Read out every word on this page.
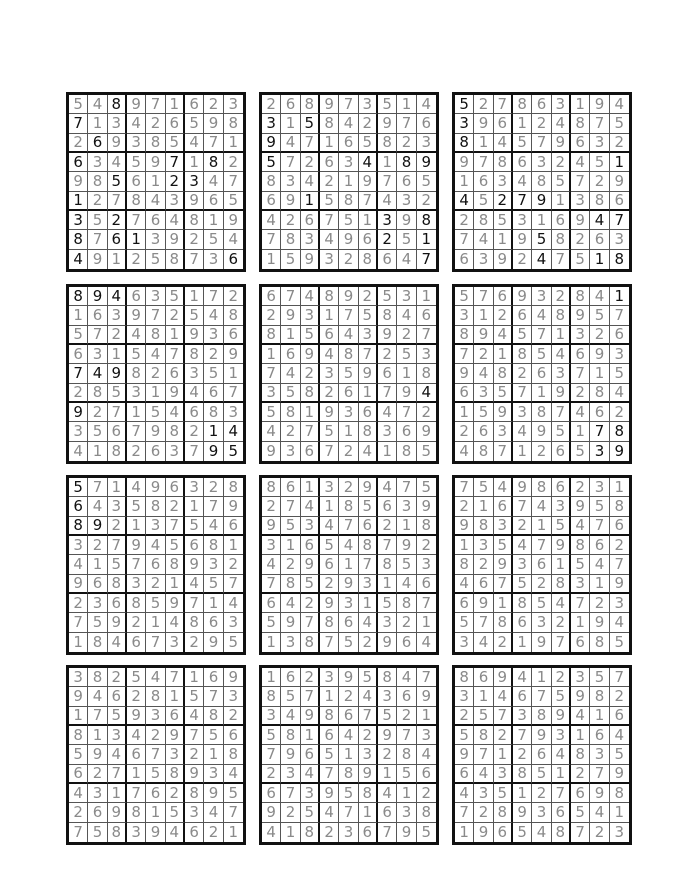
5 4 8 9 7 1 6 2 3
7 1 3 4 2 6 5 9 8
2 6 9 3 8 5 4 7 1
6 3 4 5 9 7 1 8 2
9 8 5 6 1 2 3 4 7
1 2 7 8 4 3 9 6 5
3 5 2 7 6 4 8 1 9
8 7 6 1 3 9 2 5 4
4 9 1 2 5 8 7 3 6
2 6 8 9 7 3 5 1 4
3 1 5 8 4 2 9 7 6
9 4 7 1 6 5 8 2 3
5 7 2 6 3 4 1 8 9
8 3 4 2 1 9 7 6 5
6 9 1 5 8 7 4 3 2
4 2 6 7 5 1 3 9 8
7 8 3 4 9 6 2 5 1
1 5 9 3 2 8 6 4 7
5 2 7 8 6 3 1 9 4
3 9 6 1 2 4 8 7 5
8 1 4 5 7 9 6 3 2
9 7 8 6 3 2 4 5 1
1 6 3 4 8 5 7 2 9
4 5 2 7 9 1 3 8 6
2 8 5 3 1 6 9 4 7
7 4 1 9 5 8 2 6 3
6 3 9 2 4 7 5 1 8
8 9 4 6 3 5 1 7 2
1 6 3 9 7 2 5 4 8
5 7 2 4 8 1 9 3 6
6 3 1 5 4 7 8 2 9
7 4 9 8 2 6 3 5 1
2 8 5 3 1 9 4 6 7
9 2 7 1 5 4 6 8 3
3 5 6 7 9 8 2 1 4
4 1 8 2 6 3 7 9 5
6 7 4 8 9 2 5 3 1
2 9 3 1 7 5 8 4 6
8 1 5 6 4 3 9 2 7
1 6 9 4 8 7 2 5 3
7 4 2 3 5 9 6 1 8
3 5 8 2 6 1 7 9 4
5 8 1 9 3 6 4 7 2
4 2 7 5 1 8 3 6 9
9 3 6 7 2 4 1 8 5
5 7 6 9 3 2 8 4 1
3 1 2 6 4 8 9 5 7
8 9 4 5 7 1 3 2 6
7 2 1 8 5 4 6 9 3
9 4 8 2 6 3 7 1 5
6 3 5 7 1 9 2 8 4
1 5 9 3 8 7 4 6 2
2 6 3 4 9 5 1 7 8
4 8 7 1 2 6 5 3 9
5 7 1 4 9 6 3 2 8
6 4 3 5 8 2 1 7 9
8 9 2 1 3 7 5 4 6
3 2 7 9 4 5 6 8 1
4 1 5 7 6 8 9 3 2
9 6 8 3 2 1 4 5 7
2 3 6 8 5 9 7 1 4
7 5 9 2 1 4 8 6 3
1 8 4 6 7 3 2 9 5
8 6 1 3 2 9 4 7 5
2 7 4 1 8 5 6 3 9
9 5 3 4 7 6 2 1 8
3 1 6 5 4 8 7 9 2
4 2 9 6 1 7 8 5 3
7 8 5 2 9 3 1 4 6
6 4 2 9 3 1 5 8 7
5 9 7 8 6 4 3 2 1
1 3 8 7 5 2 9 6 4
7 5 4 9 8 6 2 3 1
2 1 6 7 4 3 9 5 8
9 8 3 2 1 5 4 7 6
1 3 5 4 7 9 8 6 2
8 2 9 3 6 1 5 4 7
4 6 7 5 2 8 3 1 9
6 9 1 8 5 4 7 2 3
5 7 8 6 3 2 1 9 4
3 4 2 1 9 7 6 8 5
3 8 2 5 4 7 1 6 9
9 4 6 2 8 1 5 7 3
1 7 5 9 3 6 4 8 2
8 1 3 4 2 9 7 5 6
5 9 4 6 7 3 2 1 8
6 2 7 1 5 8 9 3 4
4 3 1 7 6 2 8 9 5
2 6 9 8 1 5 3 4 7
7 5 8 3 9 4 6 2 1
1 6 2 3 9 5 8 4 7
8 5 7 1 2 4 3 6 9
3 4 9 8 6 7 5 2 1
5 8 1 6 4 2 9 7 3
7 9 6 5 1 3 2 8 4
2 3 4 7 8 9 1 5 6
6 7 3 9 5 8 4 1 2
9 2 5 4 7 1 6 3 8
4 1 8 2 3 6 7 9 5
8 6 9 4 1 2 3 5 7
3 1 4 6 7 5 9 8 2
2 5 7 3 8 9 4 1 6
5 8 2 7 9 3 1 6 4
9 7 1 2 6 4 8 3 5
6 4 3 8 5 1 2 7 9
4 3 5 1 2 7 6 9 8
7 2 8 9 3 6 5 4 1
1 9 6 5 4 8 7 2 3
